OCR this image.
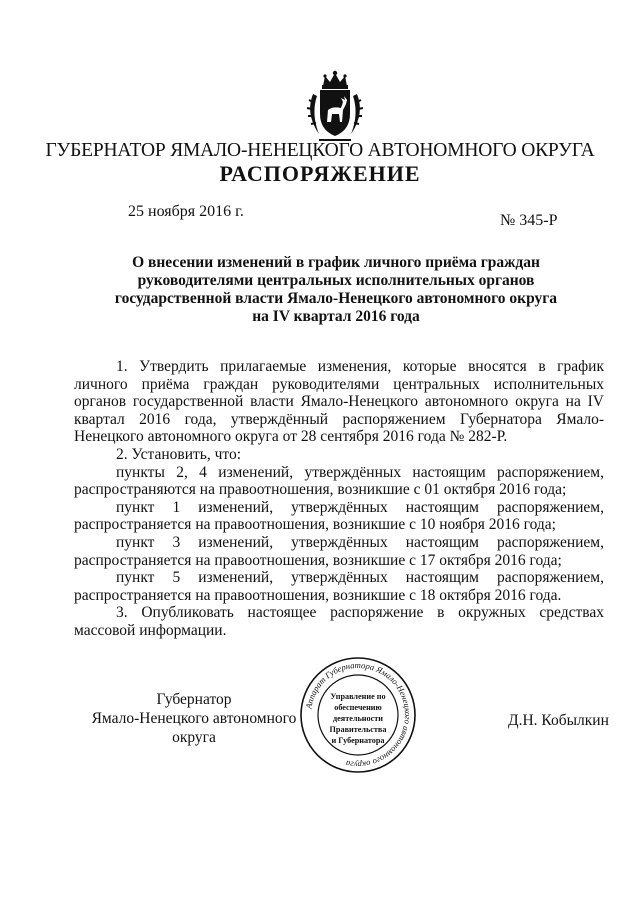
ГУБЕРНАТОР ЯМАЛО-НЕНЕЦКОГО АВТОНОМНОГО ОКРУГА
РАСПОРЯЖЕНИЕ
25 ноября 2016 г.
№ 345-Р
О внесении изменений в график личного приёма граждан
руководителями центральных исполнительных органов
государственной власти Ямало-Ненецкого автономного округа
на IV квартал 2016 года

1. Утвердить прилагаемые изменения, которые вносятся в график личного приёма граждан руководителями центральных исполнительных органов государственной власти Ямало-Ненецкого автономного округа на IV квартал 2016 года, утверждённый распоряжением Губернатора Ямало-Ненецкого автономного округа от 28 сентября 2016 года № 282-Р.

2. Установить, что:

пункты 2, 4 изменений, утверждённых настоящим распоряжением, распространяются на правоотношения, возникшие с 01 октября 2016 года;

пункт 1 изменений, утверждённых настоящим распоряжением, распространяется на правоотношения, возникшие с 10 ноября 2016 года;

пункт 3 изменений, утверждённых настоящим распоряжением, распространяется на правоотношения, возникшие с 17 октября 2016 года;

пункт 5 изменений, утверждённых настоящим распоряжением, распространяется на правоотношения, возникшие с 18 октября 2016 года.

3. Опубликовать настоящее распоряжение в окружных средствах массовой информации.

Губернатор
Ямало-Ненецкого автономного округа
Аппарат Губернатора Ямало-Ненецкого автономного округа
Управление по
обеспечению
деятельности
Правительства
и Губернатора
Д.Н. Кобылкин
